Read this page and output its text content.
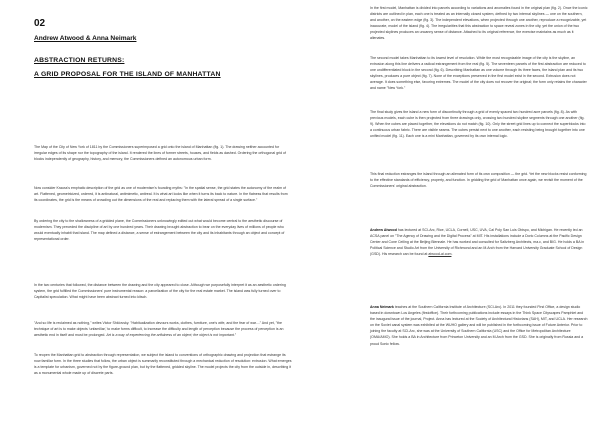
02
Andrew Atwood & Anna Neimark
ABSTRACTION RETURNS:
A GRID PROPOSAL FOR THE ISLAND OF MANHATTAN
The Map of the City of New York of 1811 by the Commissioners superimposed a grid onto the island of Manhattan (fig. 1). The drawing neither accounted for irregular edges of its shape nor the topography of the island. It rendered the lines of former streets, houses, and fields as dashed. Ordering the orthogonal grid of blocks independently of geography, history, and memory, the Commissioners defined an autonomous urban form.
Now consider Krauss's emphatic description of the grid as one of modernism's founding myths: "In the spatial sense, the grid states the autonomy of the realm of art. Flattened, geometricized, ordered, it is antinatural, antimimetic, antireal. It is what art looks like when it turns its back to nature. In the flatness that results from its coordinates, the grid is the means of crowding out the dimensions of the real and replacing them with the lateral spread of a single surface."
By ordering the city to the shallowness of a gridded plane, the Commissioners unknowingly edited out what would become central to the aesthetic discourse of modernism. They preceded the discipline of art by one hundred years. Their drawing brought abstraction to bear on the everyday lives of millions of people who would eventually inhabit that island. The map defined a distance, a sense of estrangement between the city and its inhabitants through an object and concept of representational order.
In the two centuries that followed, the distance between the drawing and the city appeared to close. Although we purposefully interpret it as an aesthetic ordering system, the grid fulfilled the Commissioners' pure instrumental reason: a parcelization of the city for the real estate market. The island was fully turned over to Capitalist speculation. What might have been abstract turned into kitsch.
"And so life is reclaimed as nothing," writes Victor Shklovsky. "Habitualization devours works, clothes, furniture, one's wife, and the fear of war...." And yet, "the technique of art is to make objects 'unfamiliar,' to make forms difficult, to increase the difficulty and length of perception because the process of perception is an aesthetic end in itself and must be prolonged. Art is a way of experiencing the artfulness of an object; the object is not important."
To reopen the Manhattan grid to abstraction through representation, we subject the island to conventions of orthographic drawing and projection that estrange its now familiar form. In the three studies that follow, the urban object is summarily reconstituted through a mechanical reduction of resolution: extrusion. What emerges is a template for urbanism, governed not by the figure-ground plan, but by the flattened, gridded skyline. The model projects the city from the outside in, describing it as a monumental whole made up of discrete parts.
In the first model, Manhattan is divided into parcels according to variations and anomalies found in the original plan (fig. 2). Once the iconic districts are outlined in plan, each one is treated as an internally closed system, defined by two internal skylines — one on the southern, and another, on the eastern edge (fig. 3). The independent elevations, when projected through one another, reproduce a recognizable, yet inaccurate, model of the island (fig. 4). The irregularities that this abstraction to space reveal zones in the city, yet the union of the two projected skylines produces an uncanny sense of distance. Attached to its original reference, the exercise maintains as much as it alienates.
The second model takes Manhattan to its lowest level of resolution. While the most recognizable image of the city is the skyline, an extrusion along this line delivers a radical estrangement from the real (fig. 5). The seventeen parcels of the first abstraction are reduced to one undifferentiated block in the second (fig. 6). Describing Manhattan as one volume through its three faces, the island plan and its two skylines, produces a pure object (fig. 7). None of the exceptions preserved in the first model exist in the second. Extrusion does not average. It does something else, favoring extremes. The model of the city does not recover the original; the form only retains the character and name "New York."
The final study gives the island a new form of discontinuity through a grid of evenly spaced two hundred acre parcels (fig. 8). As with previous models, each cube is then projected from three drawings only, crossing two hundred skyline segments through one another (fig. 9). When the cubes are placed together, the elevations do not match (fig. 10). Only the street grid lines up to connect the superblocks into a continuous urban fabric. There are visible seams. The cubes persist next to one another, each resisting being brought together into one unified model (fig. 11). Each one is a mini Manhattan, governed by its own internal logic.
This final reduction estranges the island through an alienated form of its own composition — the grid. Yet the new blocks resist conforming to the effective standards of efficiency, property, and function. In gridding the grid of Manhattan once again, we revisit the moment of the Commissioners' original abstraction.
Andrew Atwood has lectured at SCI-Arc, Rice, UCLA, Cornell, USC, UVA, Cal Poly San Luis Obispo, and Michigan. He recently led an ACSA panel on "The Agency of Drawing and the Digital Process" at MIT. His installations include a Doric Columns at the Pacific Design Center and Cone Ceiling at the Beijing Biennale. He has worked and consulted for Saltzberg Architects, ma.c, and BIG. He holds a BA in Political Science and Studio Art from the University of Richmond and an M.Arch from the Harvard University Graduate School of Design (GSD). His research can be found at atwood-ai.com.
Anna Neimark teaches at the Southern California Institute of Architecture (SCI-Arc). In 2011 they founded First Office, a design studio based in downtown Los Angeles (firstoffice). Their forthcoming publications include essays in the Think Space Cityscapes Pamphlet and the inaugural issue of the journal, Project. Anna has lectured at the Society of Architectural Historians (SAH), MIT, and UCLA. Her research on the Soviet canal system was exhibited at the WUHO gallery and will be published in the forthcoming issue of Future Anterior. Prior to joining the faculty at SCI-Arc, she was at the University of Southern California (USC) and the Office for Metropolitan Architecture (OMA/AMO). She holds a BA in Architecture from Princeton University and an M.Arch from the GSD. She is originally from Russia and a proud Sonic fellow.
